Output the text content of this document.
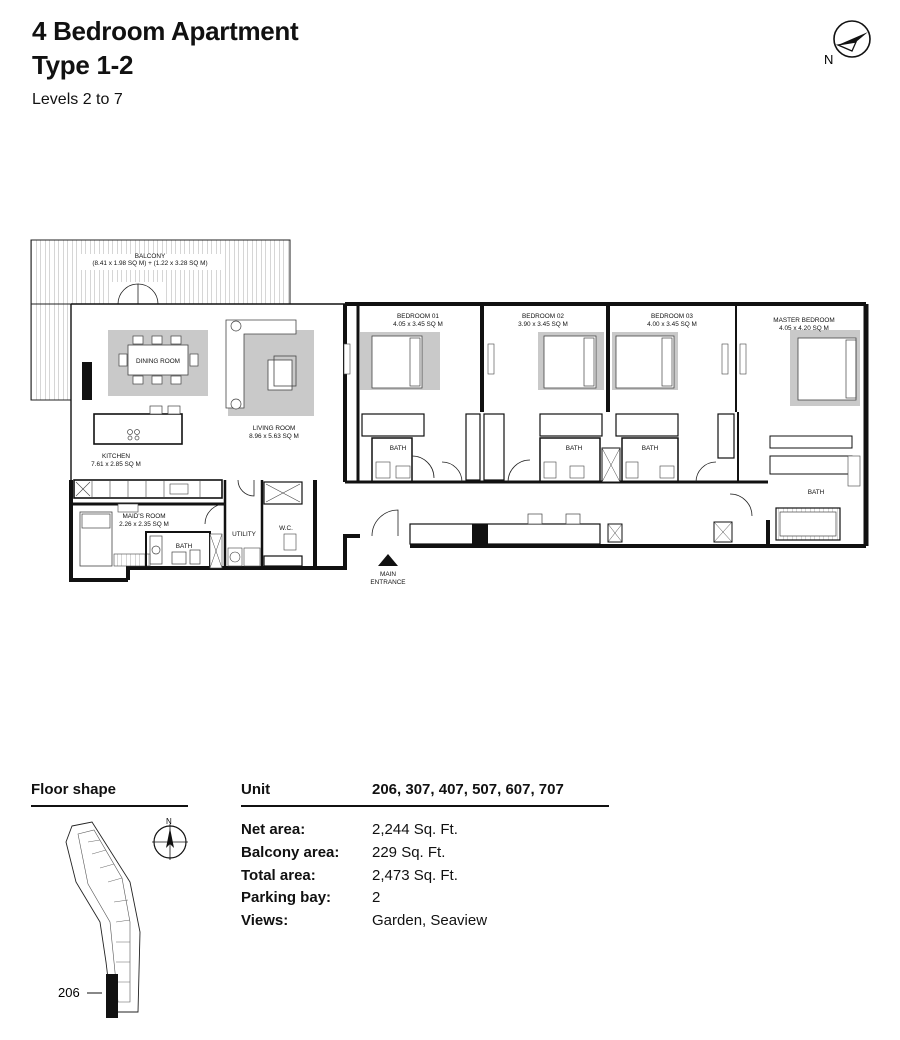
4 Bedroom Apartment
Type 1-2
Levels 2 to 7
N
BALCONY
(8.41 x 1.98 SQ M) + (1.22 x 3.28 SQ M)
DINING ROOM
LIVING ROOM
8.96 x 5.63 SQ M
KITCHEN
7.61 x 2.85 SQ M
MAID'S ROOM
2.26 x 2.35 SQ M
BATH
UTILITY
W.C.
MAIN
ENTRANCE
BEDROOM 01
4.05 x 3.45 SQ M
BATH
BEDROOM 02
3.90 x 3.45 SQ M
BATH
BEDROOM 03
4.00 x 3.45 SQ M
BATH
MASTER BEDROOM
4.05 x 4.20 SQ M
BATH
Floor shape
206
N
Unit	206, 307, 407, 507, 607, 707
Net area:	2,244 Sq. Ft.
Balcony area: 229 Sq. Ft.
Total area:	2,473 Sq. Ft.
Parking bay:	2
Views:	Garden, Seaview
